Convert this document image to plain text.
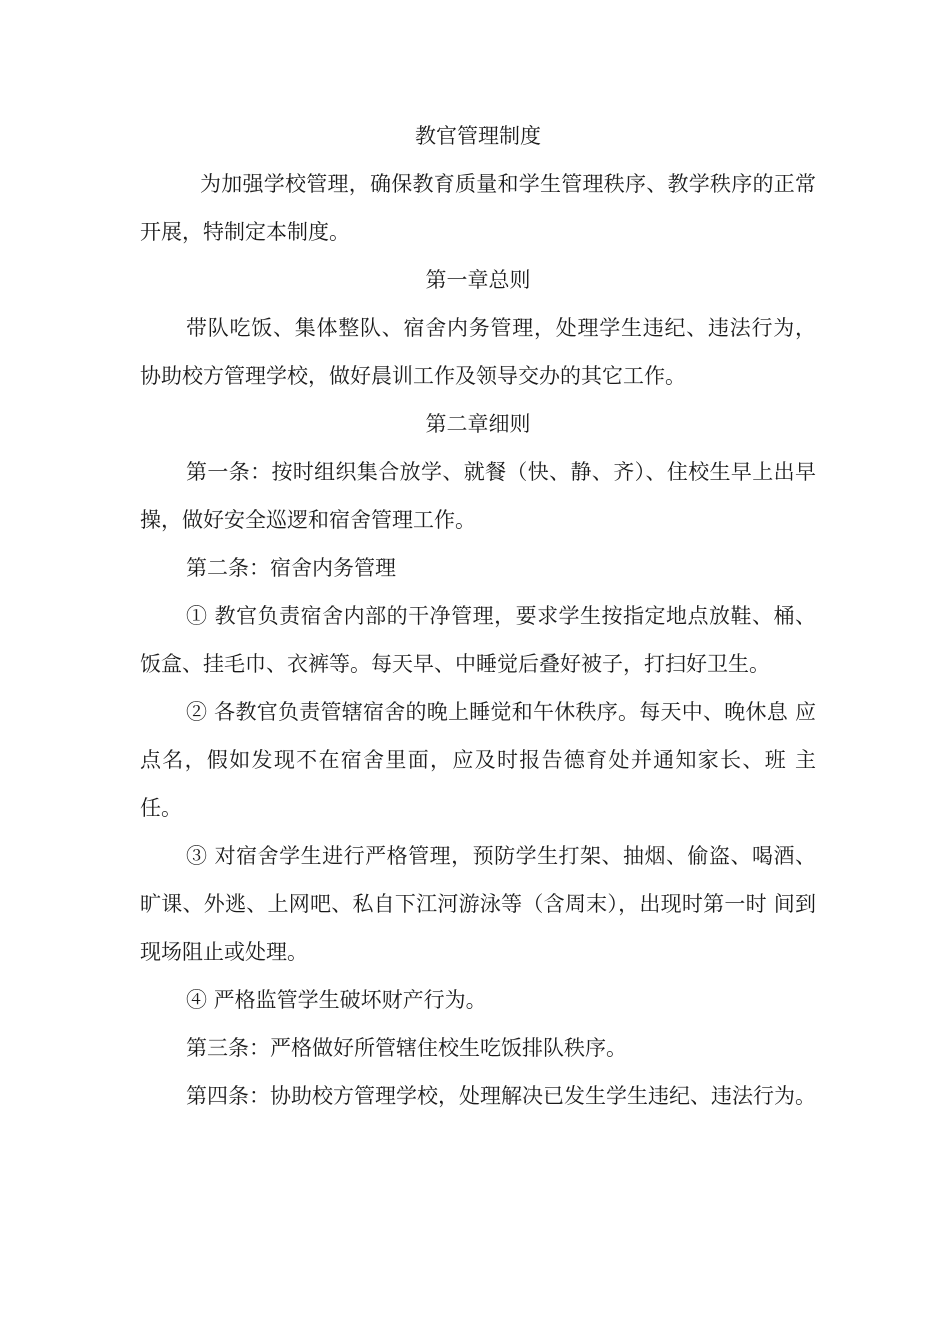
教官管理制度

为加强学校管理，确保教育质量和学生管理秩序、教学秩序的正常开展，特制定本制度。

第一章总则

带队吃饭、集体整队、宿舍内务管理，处理学生违纪、违法行为， 协助校方管理学校，做好晨训工作及领导交办的其它工作。

第二章细则

第一条：按时组织集合放学、就餐（快、静、齐）、住校生早上出早操，做好安全巡逻和宿舍管理工作。

第二条：宿舍内务管理

① 教官负责宿舍内部的干净管理，要求学生按指定地点放鞋、桶、 饭盒、挂毛巾、衣裤等。每天早、中睡觉后叠好被子，打扫好卫生。

② 各教官负责管辖宿舍的晚上睡觉和午休秩序。每天中、晚休息 应点名，假如发现不在宿舍里面，应及时报告德育处并通知家长、班 主任。

③ 对宿舍学生进行严格管理，预防学生打架、抽烟、偷盗、喝酒、 旷课、外逃、上网吧、私自下江河游泳等（含周末），出现时第一时 间到现场阻止或处理。

④ 严格监管学生破坏财产行为。

第三条：严格做好所管辖住校生吃饭排队秩序。

第四条：协助校方管理学校，处理解决已发生学生违纪、违法行为。
